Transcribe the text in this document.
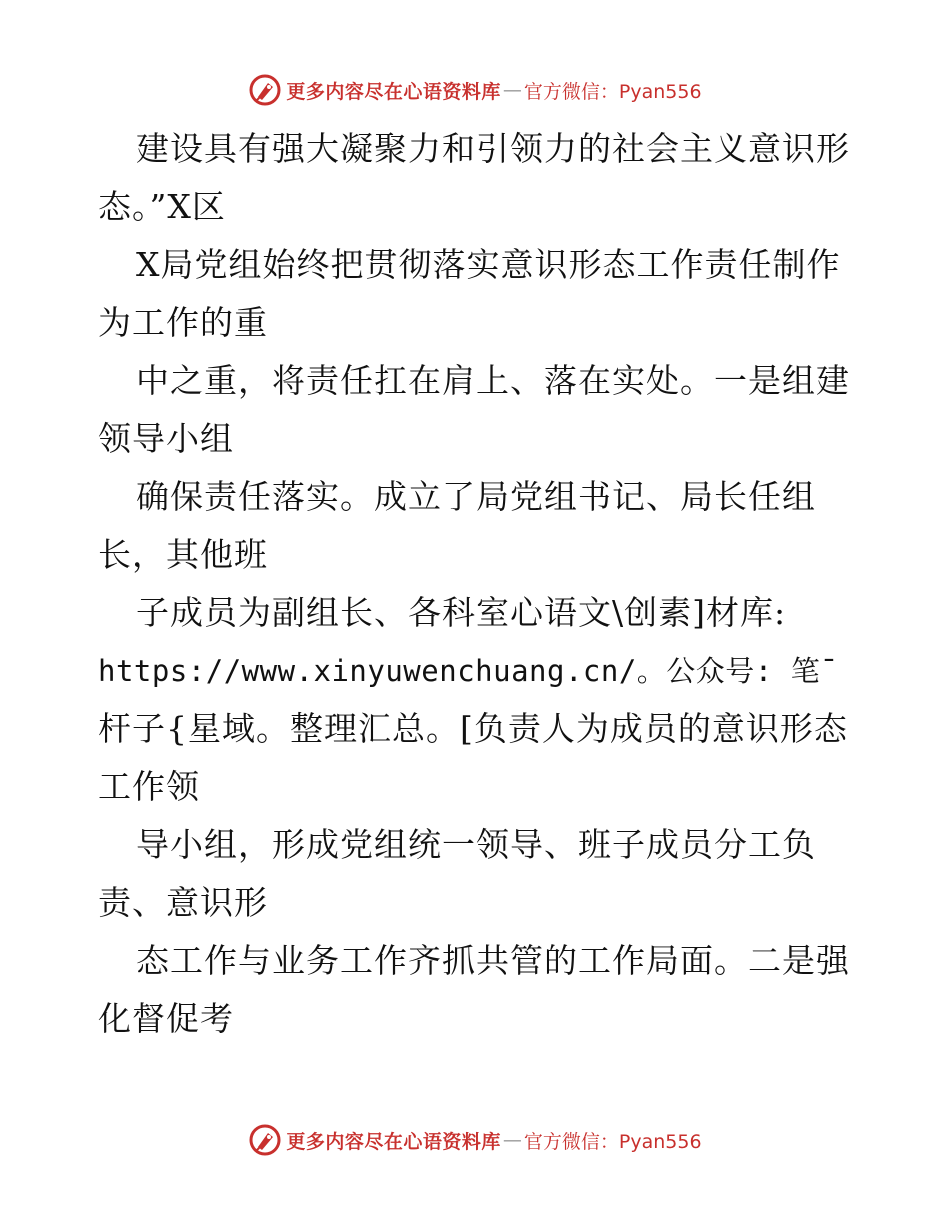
更多内容尽在心语资料库 — 官方微信：Pyan556
建设具有强大凝聚力和引领力的社会主义意识形
态。”X区
X局党组始终把贯彻落实意识形态工作责任制作
为工作的重
中之重，将责任扛在肩上、落在实处。一是组建
领导小组
确保责任落实。成立了局党组书记、局长任组
长，其他班
子成员为副组长、各科室心语文\创素]材库:
https://www.xinyuwenchuang.cn/。公众号: 笔¯
杆子{星域。整理汇总。[负责人为成员的意识形态
工作领
导小组，形成党组统一领导、班子成员分工负
责、意识形
态工作与业务工作齐抓共管的工作局面。二是强
化督促考
更多内容尽在心语资料库 — 官方微信：Pyan556
